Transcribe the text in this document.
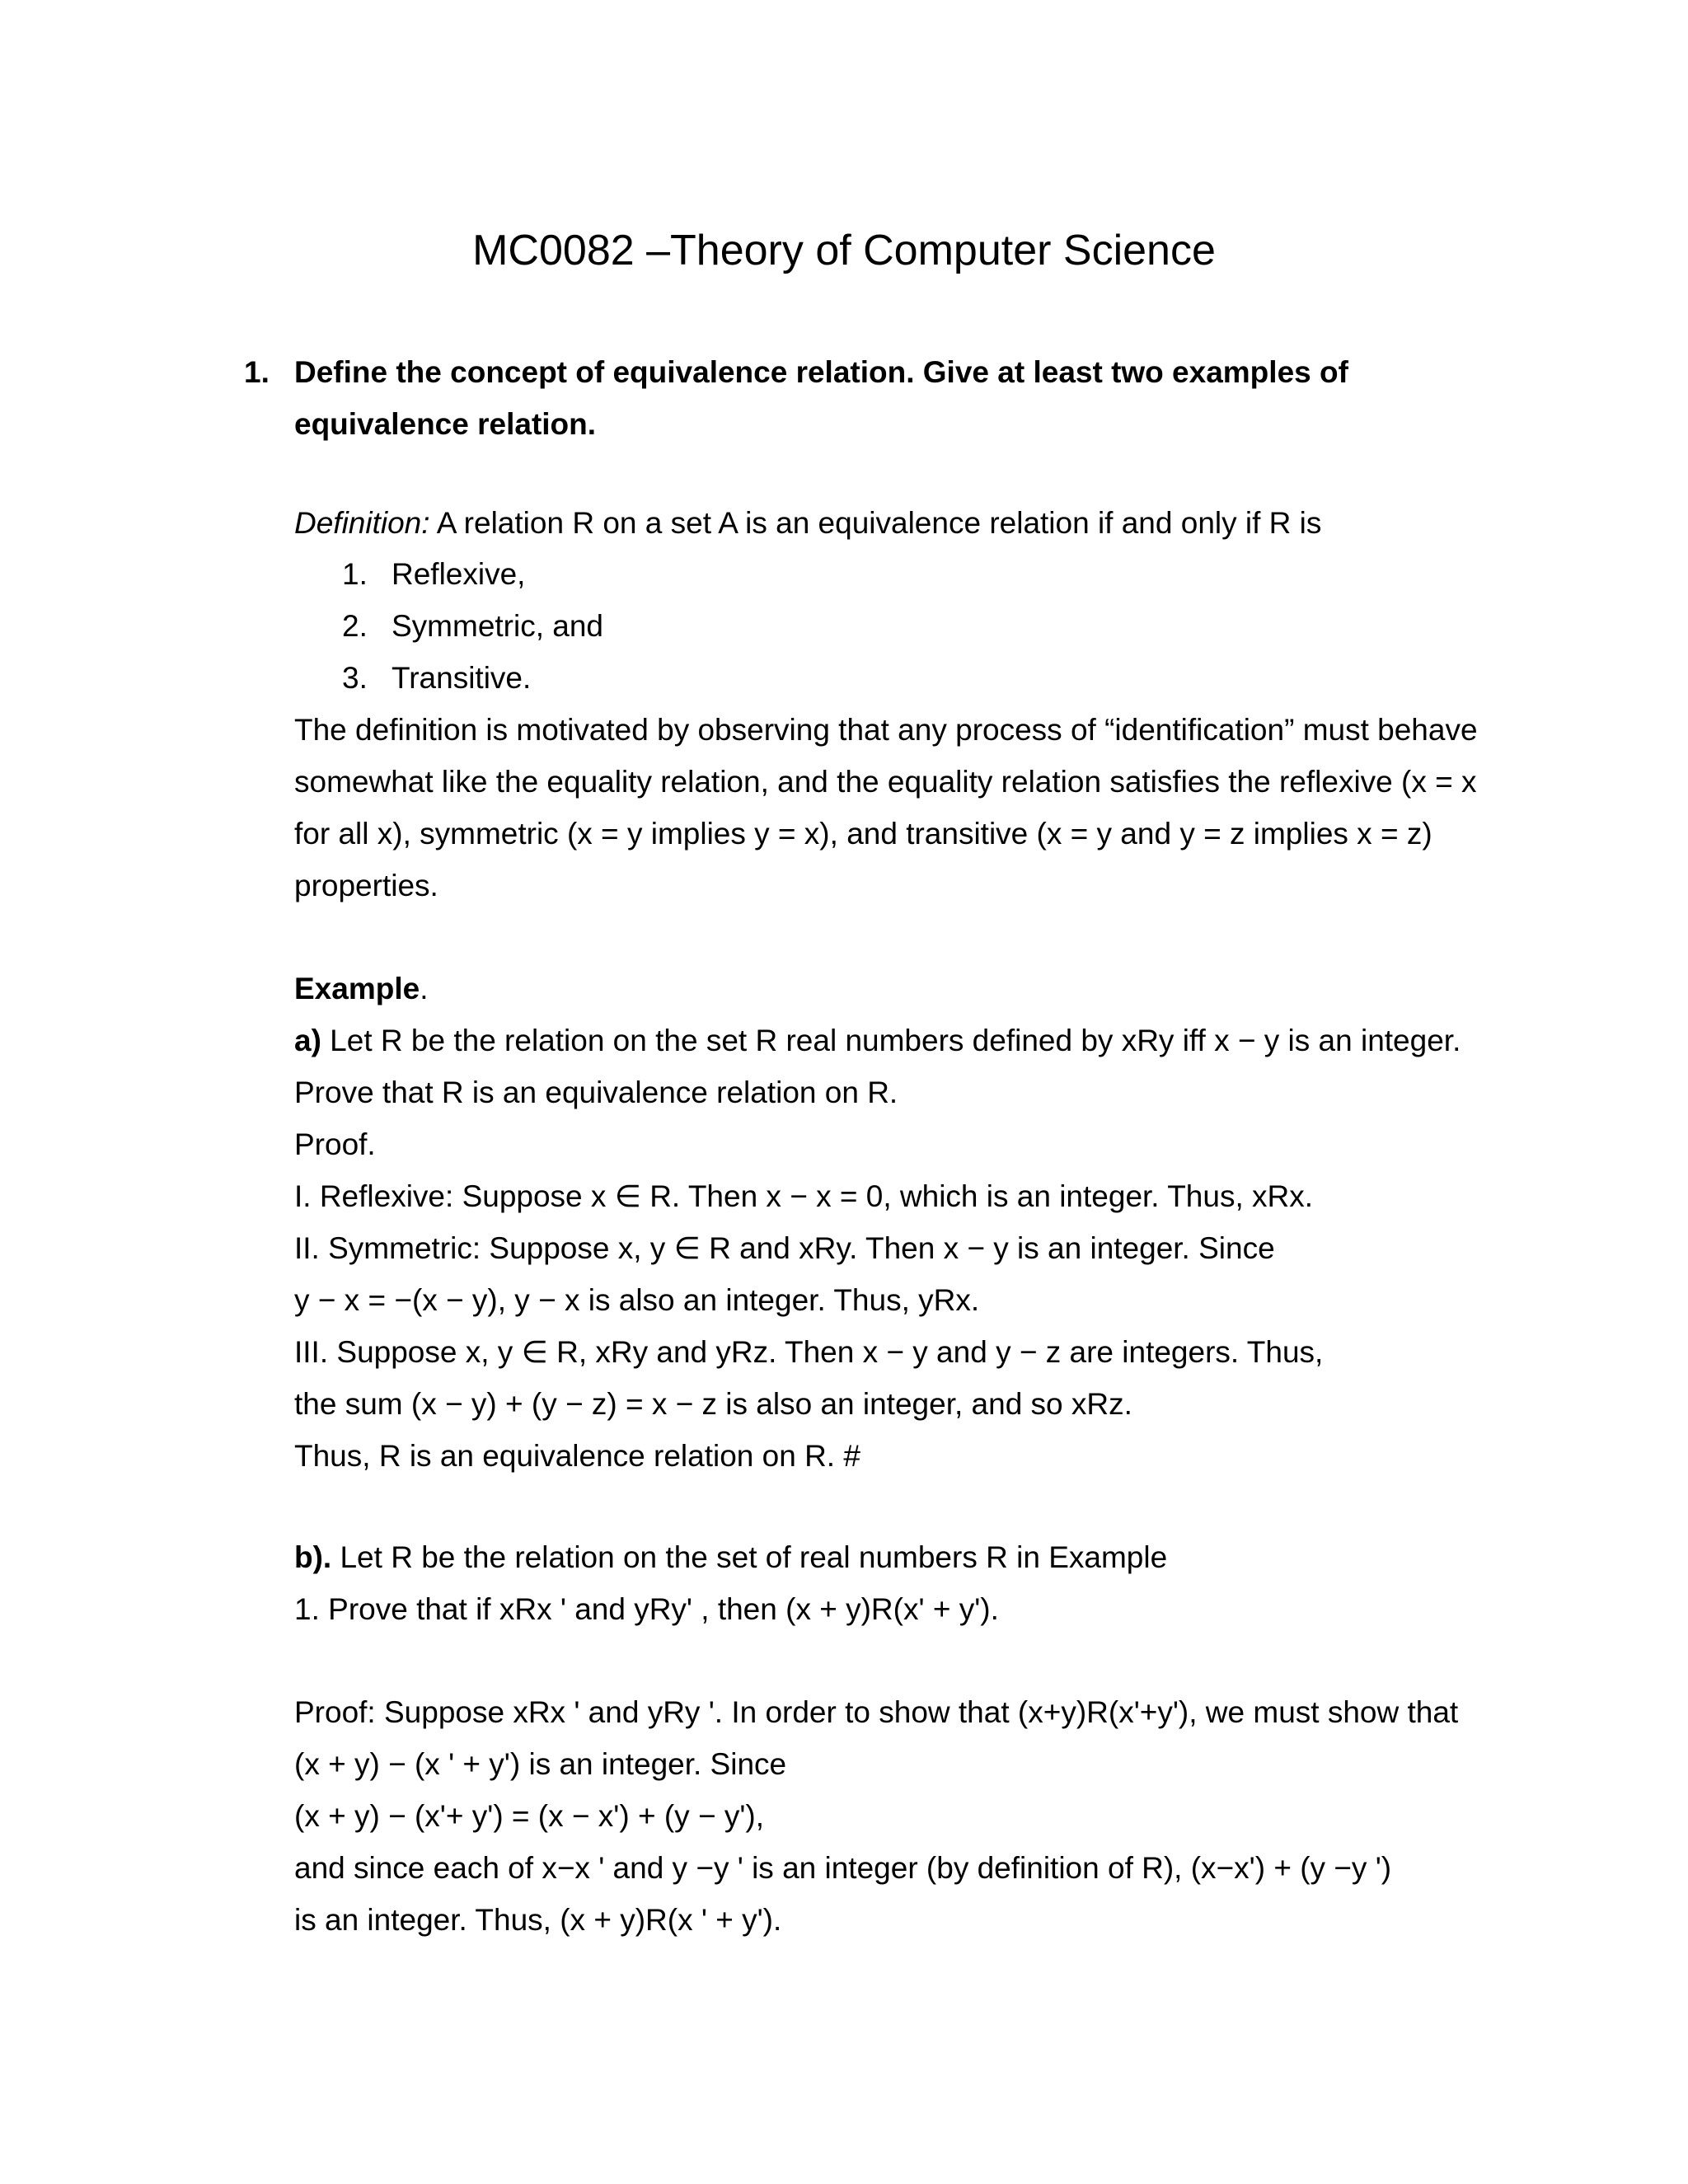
MC0082 –Theory of Computer Science
1. Define the concept of equivalence relation. Give at least two examples of
equivalence relation.
Definition: A relation R on a set A is an equivalence relation if and only if R is
1. Reflexive,
2. Symmetric, and
3. Transitive.
The definition is motivated by observing that any process of “identification” must behave
somewhat like the equality relation, and the equality relation satisfies the reflexive (x = x
for all x), symmetric (x = y implies y = x), and transitive (x = y and y = z implies x = z)
properties.
Example.
a) Let R be the relation on the set R real numbers defined by xRy iff x − y is an integer.
Prove that R is an equivalence relation on R.
Proof.
I. Reflexive: Suppose x ∈ R. Then x − x = 0, which is an integer. Thus, xRx.
II. Symmetric: Suppose x, y ∈ R and xRy. Then x − y is an integer. Since
y − x = −(x − y), y − x is also an integer. Thus, yRx.
III. Suppose x, y ∈ R, xRy and yRz. Then x − y and y − z are integers. Thus,
the sum (x − y) + (y − z) = x − z is also an integer, and so xRz.
Thus, R is an equivalence relation on R. #
b). Let R be the relation on the set of real numbers R in Example
1. Prove that if xRx ' and yRy' , then (x + y)R(x' + y').
Proof: Suppose xRx ' and yRy '. In order to show that (x+y)R(x'+y'), we must show that
(x + y) − (x ' + y') is an integer. Since
(x + y) − (x'+ y') = (x − x') + (y − y'),
and since each of x−x ' and y −y ' is an integer (by definition of R), (x−x') + (y −y ')
is an integer. Thus, (x + y)R(x ' + y').
